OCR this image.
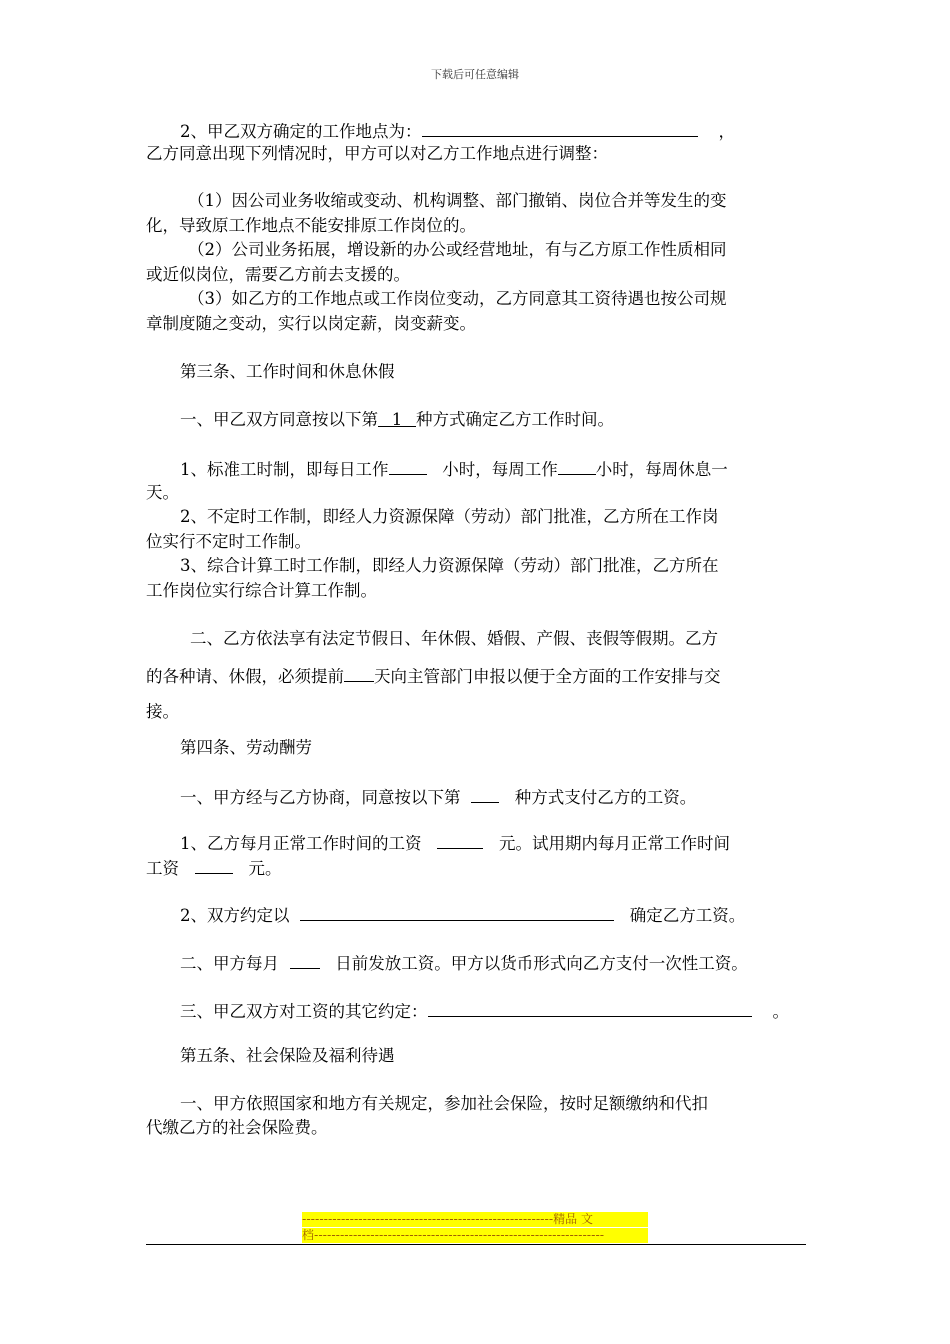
下载后可任意编辑
2、甲乙双方确定的工作地点为：	，
乙方同意出现下列情况时，甲方可以对乙方工作地点进行调整：
（1）因公司业务收缩或变动、机构调整、部门撤销、岗位合并等发生的变
化，导致原工作地点不能安排原工作岗位的。
（2）公司业务拓展，增设新的办公或经营地址，有与乙方原工作性质相同
或近似岗位，需要乙方前去支援的。
（3）如乙方的工作地点或工作岗位变动，乙方同意其工资待遇也按公司规
章制度随之变动，实行以岗定薪，岗变薪变。
第三条、工作时间和休息休假
一、甲乙双方同意按以下第 1 种方式确定乙方工作时间。
1、标准工时制，即每日工作	小时，每周工作 小时，每周休息一
天。
2、不定时工作制，即经人力资源保障（劳动）部门批准，乙方所在工作岗
位实行不定时工作制。
3、综合计算工时工作制，即经人力资源保障（劳动）部门批准，乙方所在
工作岗位实行综合计算工作制。
二、乙方依法享有法定节假日、年休假、婚假、产假、丧假等假期。乙方
的各种请、休假，必须提前 天向主管部门申报以便于全方面的工作安排与交
接。
第四条、劳动酬劳
一、甲方经与乙方协商，同意按以下第	种方式支付乙方的工资。
1、乙方每月正常工作时间的工资	元。试用期内每月正常工作时间
工资	元。
2、双方约定以	确定乙方工资。
二、甲方每月	日前发放工资。甲方以货币形式向乙方支付一次性工资。
三、甲乙双方对工资的其它约定：	。
第五条、社会保险及福利待遇
一、甲方依照国家和地方有关规定，参加社会保险，按时足额缴纳和代扣
代缴乙方的社会保险费。
----------------------------------------------------------精品 文
档-------------------------------------------------------------------
